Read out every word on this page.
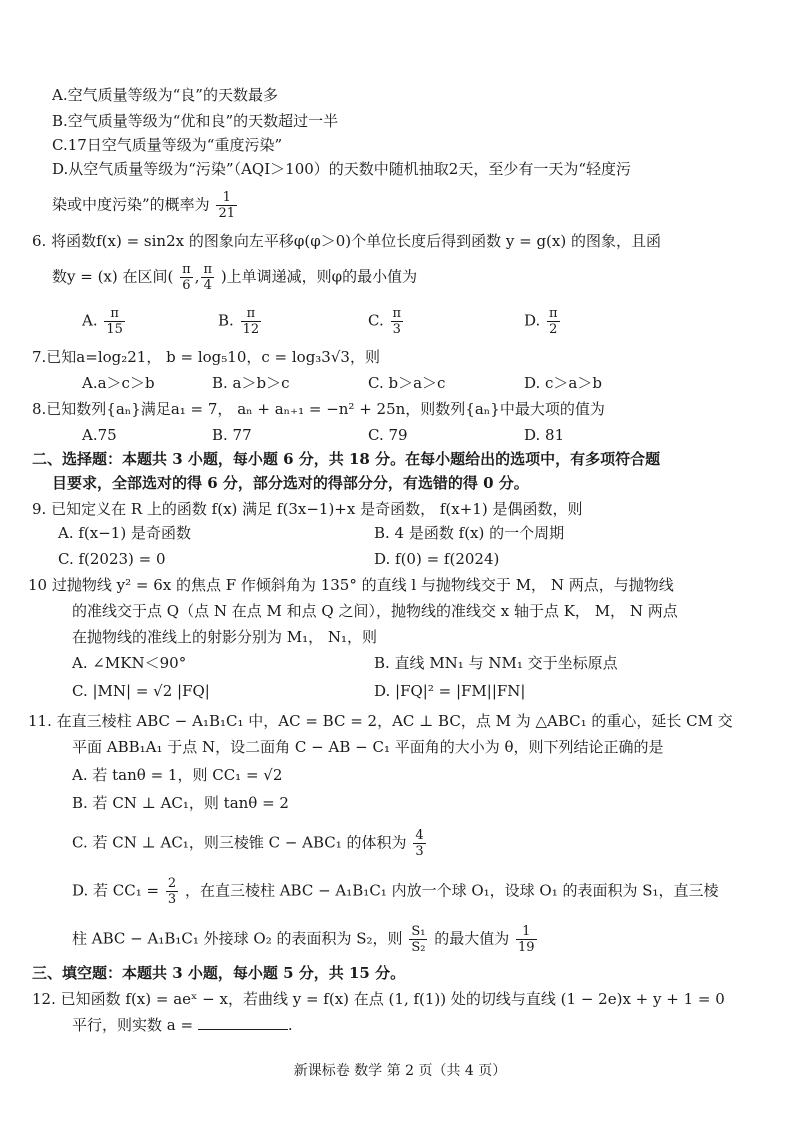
A.空气质量等级为“良”的天数最多
B.空气质量等级为“优和良”的天数超过一半
C.17日空气质量等级为“重度污染”
D.从空气质量等级为“污染”（AQI＞100）的天数中随机抽取2天，至少有一天为“轻度污
染或中度污染”的概率为 $\frac{1}{21}$
6. 将函数f(x) = sin2x 的图象向左平移φ(φ＞0)个单位长度后得到函数 y = g(x) 的图象，且函
数y = (x) 在区间( $\frac{\pi}{6}$ , $\frac{\pi}{4}$ )上单调递减，则φ的最小值为
A. $\frac{\pi}{15}$	B. $\frac{\pi}{12}$	C. $\frac{\pi}{3}$	D. $\frac{\pi}{2}$
7.已知a=log₂21， b = log₅10，c = log₃3√3，则
A.a＞c＞b	B. a＞b＞c	C. b＞a＞c	D. c＞a＞b
8.已知数列{aₙ}满足a₁ = 7， aₙ + aₙ₊₁ = −n² + 25n，则数列{aₙ}中最大项的值为
A.75	B. 77	C. 79	D. 81
二、选择题：本题共 3 小题，每小题 6 分，共 18 分。在每小题给出的选项中，有多项符合题
目要求，全部选对的得 6 分，部分选对的得部分分，有选错的得 0 分。
9. 已知定义在 R 上的函数 f(x) 满足 f(3x−1)+x 是奇函数， f(x+1) 是偶函数，则
A. f(x−1) 是奇函数	B. 4 是函数 f(x) 的一个周期
C. f(2023) = 0	D. f(0) = f(2024)
10 过抛物线 y² = 6x 的焦点 F 作倾斜角为 135° 的直线 l 与抛物线交于 M， N 两点，与抛物线
的准线交于点 Q（点 N 在点 M 和点 Q 之间），抛物线的准线交 x 轴于点 K， M， N 两点
在抛物线的准线上的射影分别为 M₁， N₁，则
A. ∠MKN＜90°	B. 直线 MN₁ 与 NM₁ 交于坐标原点
C. |MN| = √2 |FQ|	D. |FQ|² = |FM||FN|
11. 在直三棱柱 ABC − A₁B₁C₁ 中，AC = BC = 2，AC ⊥ BC，点 M 为 △ABC₁ 的重心，延长 CM 交
平面 ABB₁A₁ 于点 N，设二面角 C − AB − C₁ 平面角的大小为 θ，则下列结论正确的是
A. 若 tanθ = 1，则 CC₁ = √2
B. 若 CN ⊥ AC₁，则 tanθ = 2
C. 若 CN ⊥ AC₁，则三棱锥 C − ABC₁ 的体积为 $\frac{4}{3}$
D. 若 $CC_1 = \frac{2}{3}$ ，在直三棱柱 ABC − A₁B₁C₁ 内放一个球 O₁，设球 O₁ 的表面积为 S₁，直三棱
柱 ABC − A₁B₁C₁ 外接球 O₂ 的表面积为 S₂，则 $\frac{\text{S₁}}{\text{S₂}}$ 的最大值为 $\frac{1}{19}$
三、填空题：本题共 3 小题，每小题 5 分，共 15 分。
12. 已知函数 f(x) = aeˣ − x，若曲线 y = f(x) 在点 (1, f(1)) 处的切线与直线 (1 − 2e)x + y + 1 = 0
平行，则实数 a =	.
新课标卷 数学 第 2 页（共 4 页）
